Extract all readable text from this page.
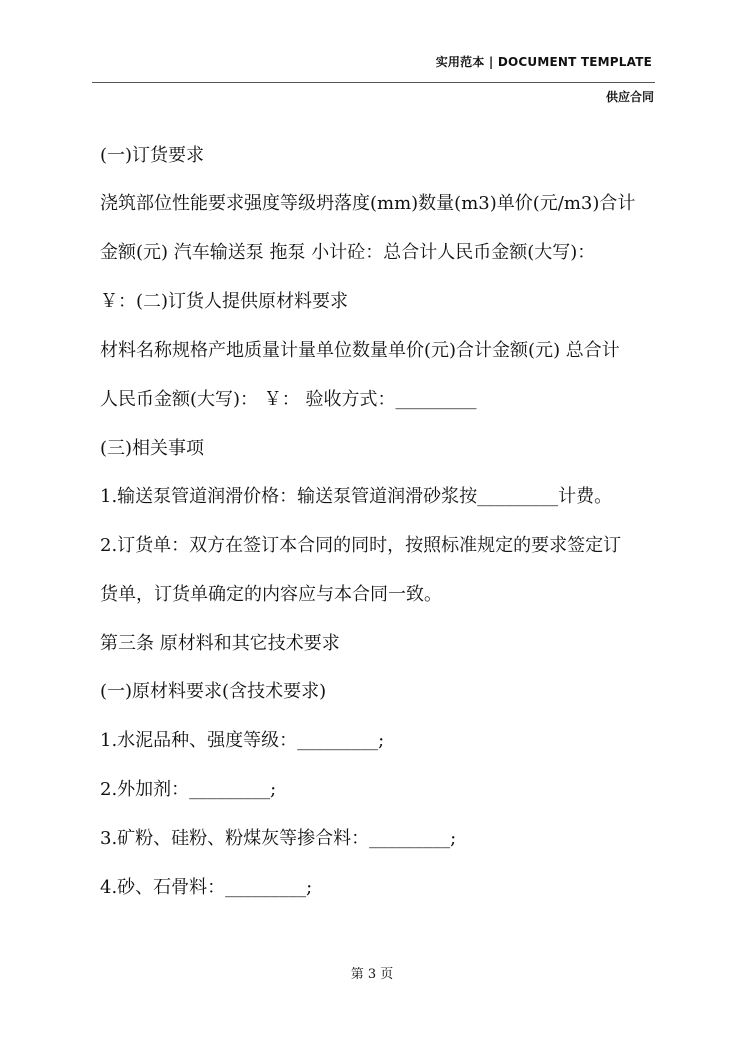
实用范本 | DOCUMENT TEMPLATE
供应合同

(一)订货要求

浇筑部位性能要求强度等级坍落度(mm)数量(m3)单价(元/m3)合计

金额(元) 汽车输送泵 拖泵 小计砼：总合计人民币金额(大写)：

￥：(二)订货人提供原材料要求

材料名称规格产地质量计量单位数量单价(元)合计金额(元) 总合计

人民币金额(大写)： ￥： 验收方式：_________

(三)相关事项

1.输送泵管道润滑价格：输送泵管道润滑砂浆按_________计费。

2.订货单：双方在签订本合同的同时，按照标准规定的要求签定订

货单，订货单确定的内容应与本合同一致。

第三条 原材料和其它技术要求

(一)原材料要求(含技术要求)

1.水泥品种、强度等级：_________;

2.外加剂：_________;

3.矿粉、硅粉、粉煤灰等掺合料：_________;

4.砂、石骨料：_________;

第 3 页
